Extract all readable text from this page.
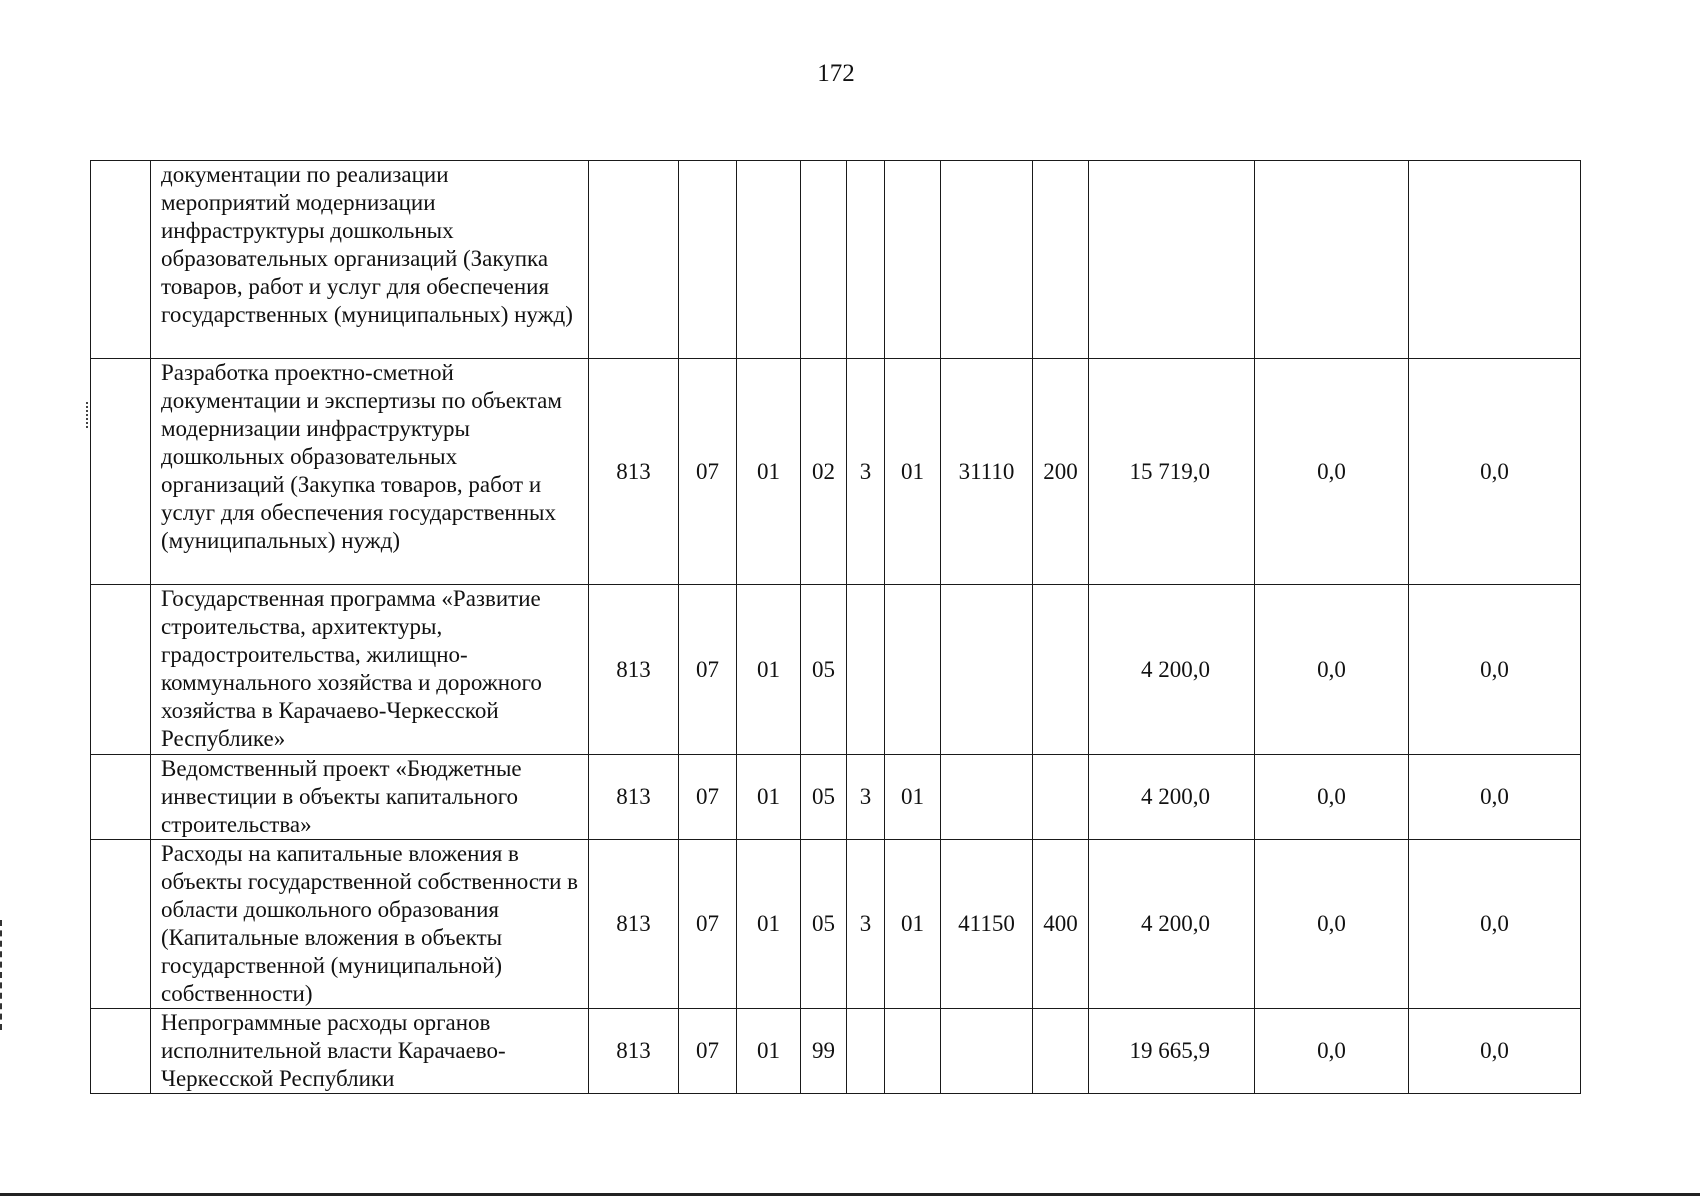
172
	документации по реализации мероприятий модернизации инфраструктуры дошкольных образовательных организаций (Закупка товаров, работ и услуг для обеспечения государственных (муниципальных) нужд)											
	Разработка проектно-сметной документации и экспертизы по объектам модернизации инфраструктуры дошкольных образовательных организаций (Закупка товаров, работ и услуг для обеспечения государственных (муниципальных) нужд)	813	07	01	02	3	01	31110	200	15 719,0	0,0	0,0
	Государственная программа «Развитие строительства, архитектуры, градостроительства, жилищно-коммунального хозяйства и дорожного хозяйства в Карачаево-Черкесской Республике»	813	07	01	05					4 200,0	0,0	0,0
	Ведомственный проект «Бюджетные инвестиции в объекты капитального строительства»	813	07	01	05	3	01			4 200,0	0,0	0,0
	Расходы на капитальные вложения в объекты государственной собственности в области дошкольного образования (Капитальные вложения в объекты государственной (муниципальной) собственности)	813	07	01	05	3	01	41150	400	4 200,0	0,0	0,0
	Непрограммные расходы органов исполнительной власти Карачаево-Черкесской Республики	813	07	01	99					19 665,9	0,0	0,0
